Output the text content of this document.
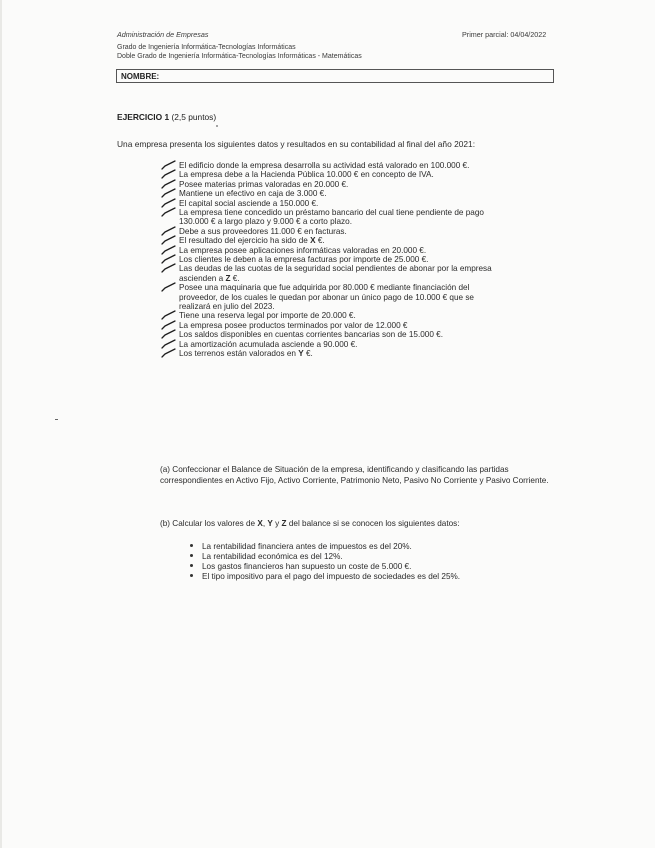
Administración de Empresas	Primer parcial: 04/04/2022
Grado de Ingeniería Informática-Tecnologías Informáticas
Doble Grado de Ingeniería Informática-Tecnologías Informáticas - Matemáticas
NOMBRE:
EJERCICIO 1 (2,5 puntos)
Una empresa presenta los siguientes datos y resultados en su contabilidad al final del año 2021:
El edificio donde la empresa desarrolla su actividad está valorado en 100.000 €.
La empresa debe a la Hacienda Pública 10.000 € en concepto de IVA.
Posee materias primas valoradas en 20.000 €.
Mantiene un efectivo en caja de 3.000 €.
El capital social asciende a 150.000 €.
La empresa tiene concedido un préstamo bancario del cual tiene pendiente de pago
130.000 € a largo plazo y 9.000 € a corto plazo.
Debe a sus proveedores 11.000 € en facturas.
El resultado del ejercicio ha sido de X €.
La empresa posee aplicaciones informáticas valoradas en 20.000 €.
Los clientes le deben a la empresa facturas por importe de 25.000 €.
Las deudas de las cuotas de la seguridad social pendientes de abonar por la empresa
ascienden a Z €.
Posee una maquinaria que fue adquirida por 80.000 € mediante financiación del
proveedor, de los cuales le quedan por abonar un único pago de 10.000 € que se
realizará en julio del 2023.
Tiene una reserva legal por importe de 20.000 €.
La empresa posee productos terminados por valor de 12.000 €
Los saldos disponibles en cuentas corrientes bancarias son de 15.000 €.
La amortización acumulada asciende a 90.000 €.
Los terrenos están valorados en Y €.
(a) Confeccionar el Balance de Situación de la empresa, identificando y clasificando las partidas correspondientes en Activo Fijo, Activo Corriente, Patrimonio Neto, Pasivo No Corriente y Pasivo Corriente.
(b) Calcular los valores de X, Y y Z del balance si se conocen los siguientes datos:
La rentabilidad financiera antes de impuestos es del 20%.
La rentabilidad económica es del 12%.
Los gastos financieros han supuesto un coste de 5.000 €.
El tipo impositivo para el pago del impuesto de sociedades es del 25%.
